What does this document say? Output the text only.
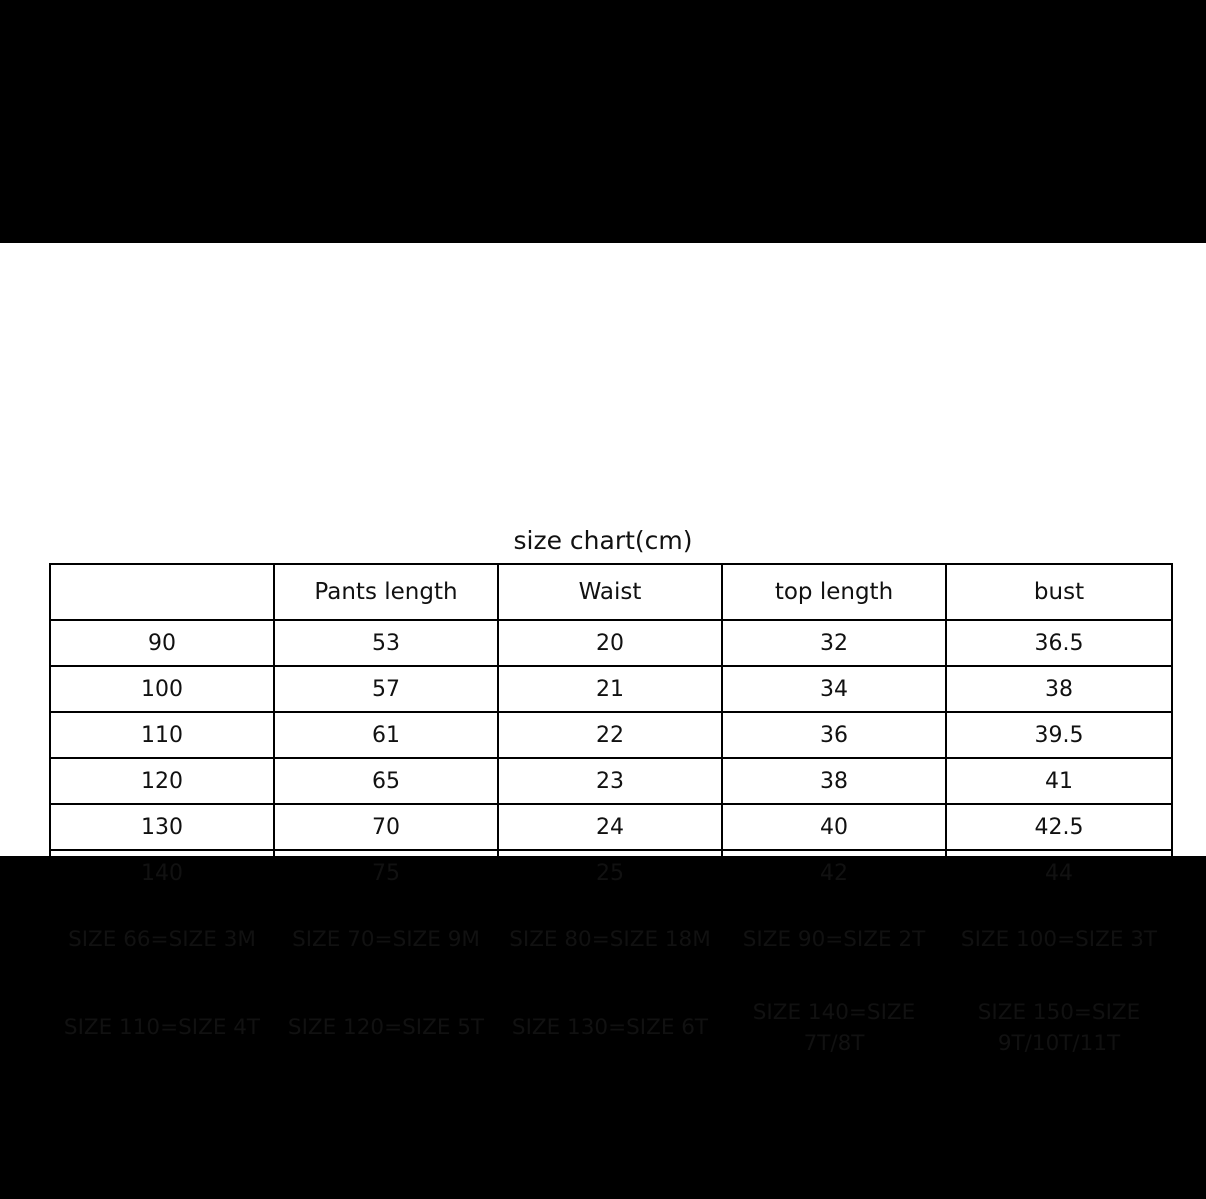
size chart(cm)
	Pants length	Waist	top length	bust
90	53	20	32	36.5
100	57	21	34	38
110	61	22	36	39.5
120	65	23	38	41
130	70	24	40	42.5
140	75	25	42	44
SIZE 66=SIZE 3M	SIZE 70=SIZE 9M	SIZE 80=SIZE 18M	SIZE 90=SIZE 2T	SIZE 100=SIZE 3T
SIZE 110=SIZE 4T	SIZE 120=SIZE 5T	SIZE 130=SIZE 6T	SIZE 140=SIZE 7T/8T	SIZE 150=SIZE 9T/10T/11T
